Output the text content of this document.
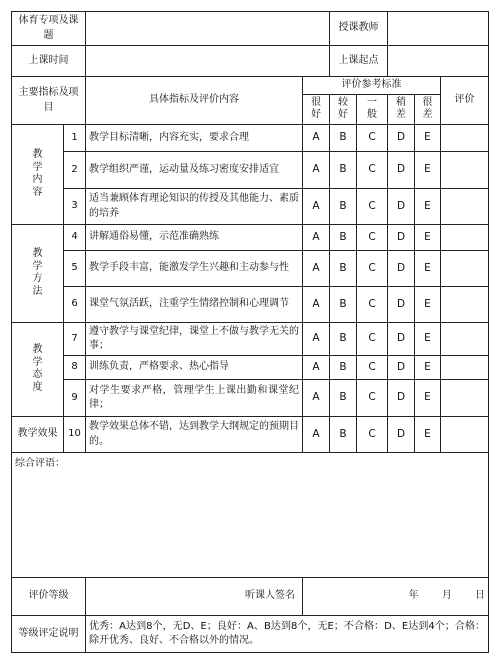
体育专项及课题				授课教师				
上课时间				上课起点				
主要指标及项目		具体指标及评价内容	评价参考标准					评价
			很好	较好	一般	稍差	很差	
教学内容	1	教学目标清晰，内容充实，要求合理	A	B	C	D	E	
	2	教学组织严谨，运动量及练习密度安排适宜	A	B	C	D	E	
	3	适当兼顾体育理论知识的传授及其他能力、素质的培养	A	B	C	D	E	
教学方法	4	讲解通俗易懂，示范准确熟练	A	B	C	D	E	
	5	教学手段丰富，能激发学生兴趣和主动参与性	A	B	C	D	E	
	6	课堂气氛活跃，注重学生情绪控制和心理调节	A	B	C	D	E	
教学态度	7	遵守教学与课堂纪律，课堂上不做与教学无关的事；	A	B	C	D	E	
	8	训练负责，严格要求、热心指导	A	B	C	D	E	
	9	对学生要求严格，管理学生上课出勤和课堂纪律；	A	B	C	D	E	
教学效果	10	教学效果总体不错，达到教学大纲规定的预期目的。	A	B	C	D	E	
综合评语：								
评价等级		听课人签名	年 月 日					
等级评定说明		优秀：A达到8个，无D、E；良好：A、B达到8个，无E；不合格：D、E达到4个；合格：除开优秀、良好、不合格以外的情况。						
